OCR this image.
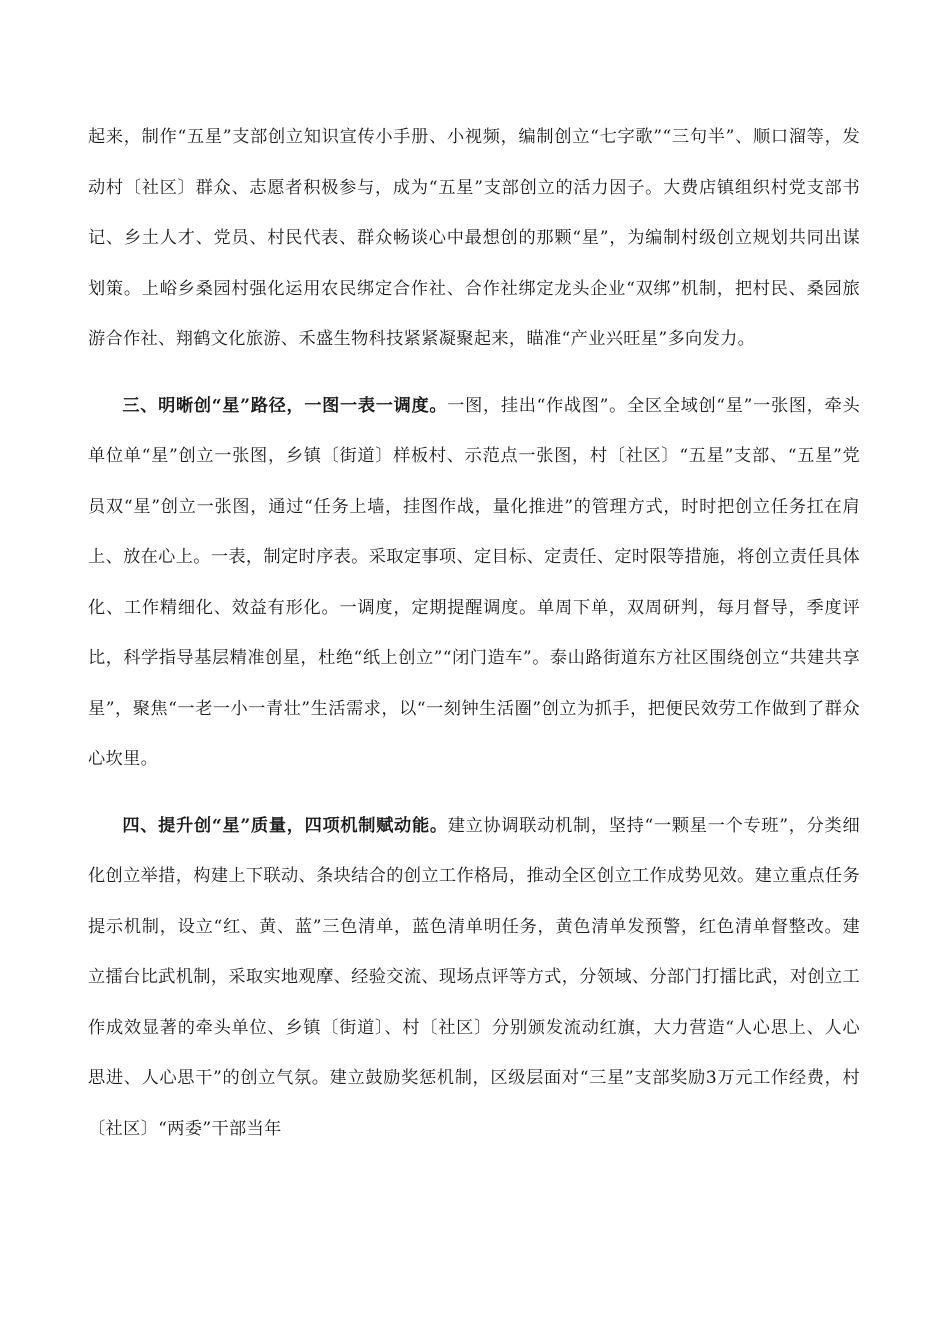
起来，制作“五星”支部创立知识宣传小手册、小视频，编制创立“七字歌”“三句半”、顺口溜等，发动村〔社区〕群众、志愿者积极参与，成为“五星”支部创立的活力因子。大费店镇组织村党支部书记、乡土人才、党员、村民代表、群众畅谈心中最想创的那颗“星”，为编制村级创立规划共同出谋划策。上峪乡桑园村强化运用农民绑定合作社、合作社绑定龙头企业“双绑”机制，把村民、桑园旅游合作社、翔鹤文化旅游、禾盛生物科技紧紧凝聚起来，瞄准“产业兴旺星”多向发力。

三、明晰创“星”路径，一图一表一调度。一图，挂出“作战图”。全区全域创“星”一张图，牵头单位单“星”创立一张图，乡镇〔街道〕样板村、示范点一张图，村〔社区〕“五星”支部、“五星”党员双“星”创立一张图，通过“任务上墙，挂图作战，量化推进”的管理方式，时时把创立任务扛在肩上、放在心上。一表，制定时序表。采取定事项、定目标、定责任、定时限等措施，将创立责任具体化、工作精细化、效益有形化。一调度，定期提醒调度。单周下单，双周研判，每月督导，季度评比，科学指导基层精准创星，杜绝“纸上创立”“闭门造车”。泰山路街道东方社区围绕创立“共建共享星”，聚焦“一老一小一青壮”生活需求，以“一刻钟生活圈”创立为抓手，把便民效劳工作做到了群众心坎里。

四、提升创“星”质量，四项机制赋动能。建立协调联动机制，坚持“一颗星一个专班”，分类细化创立举措，构建上下联动、条块结合的创立工作格局，推动全区创立工作成势见效。建立重点任务提示机制，设立“红、黄、蓝”三色清单，蓝色清单明任务，黄色清单发预警，红色清单督整改。建立擂台比武机制，采取实地观摩、经验交流、现场点评等方式，分领域、分部门打擂比武，对创立工作成效显著的牵头单位、乡镇〔街道〕、村〔社区〕分别颁发流动红旗，大力营造“人心思上、人心思进、人心思干”的创立气氛。建立鼓励奖惩机制，区级层面对“三星”支部奖励3万元工作经费，村〔社区〕“两委”干部当年
